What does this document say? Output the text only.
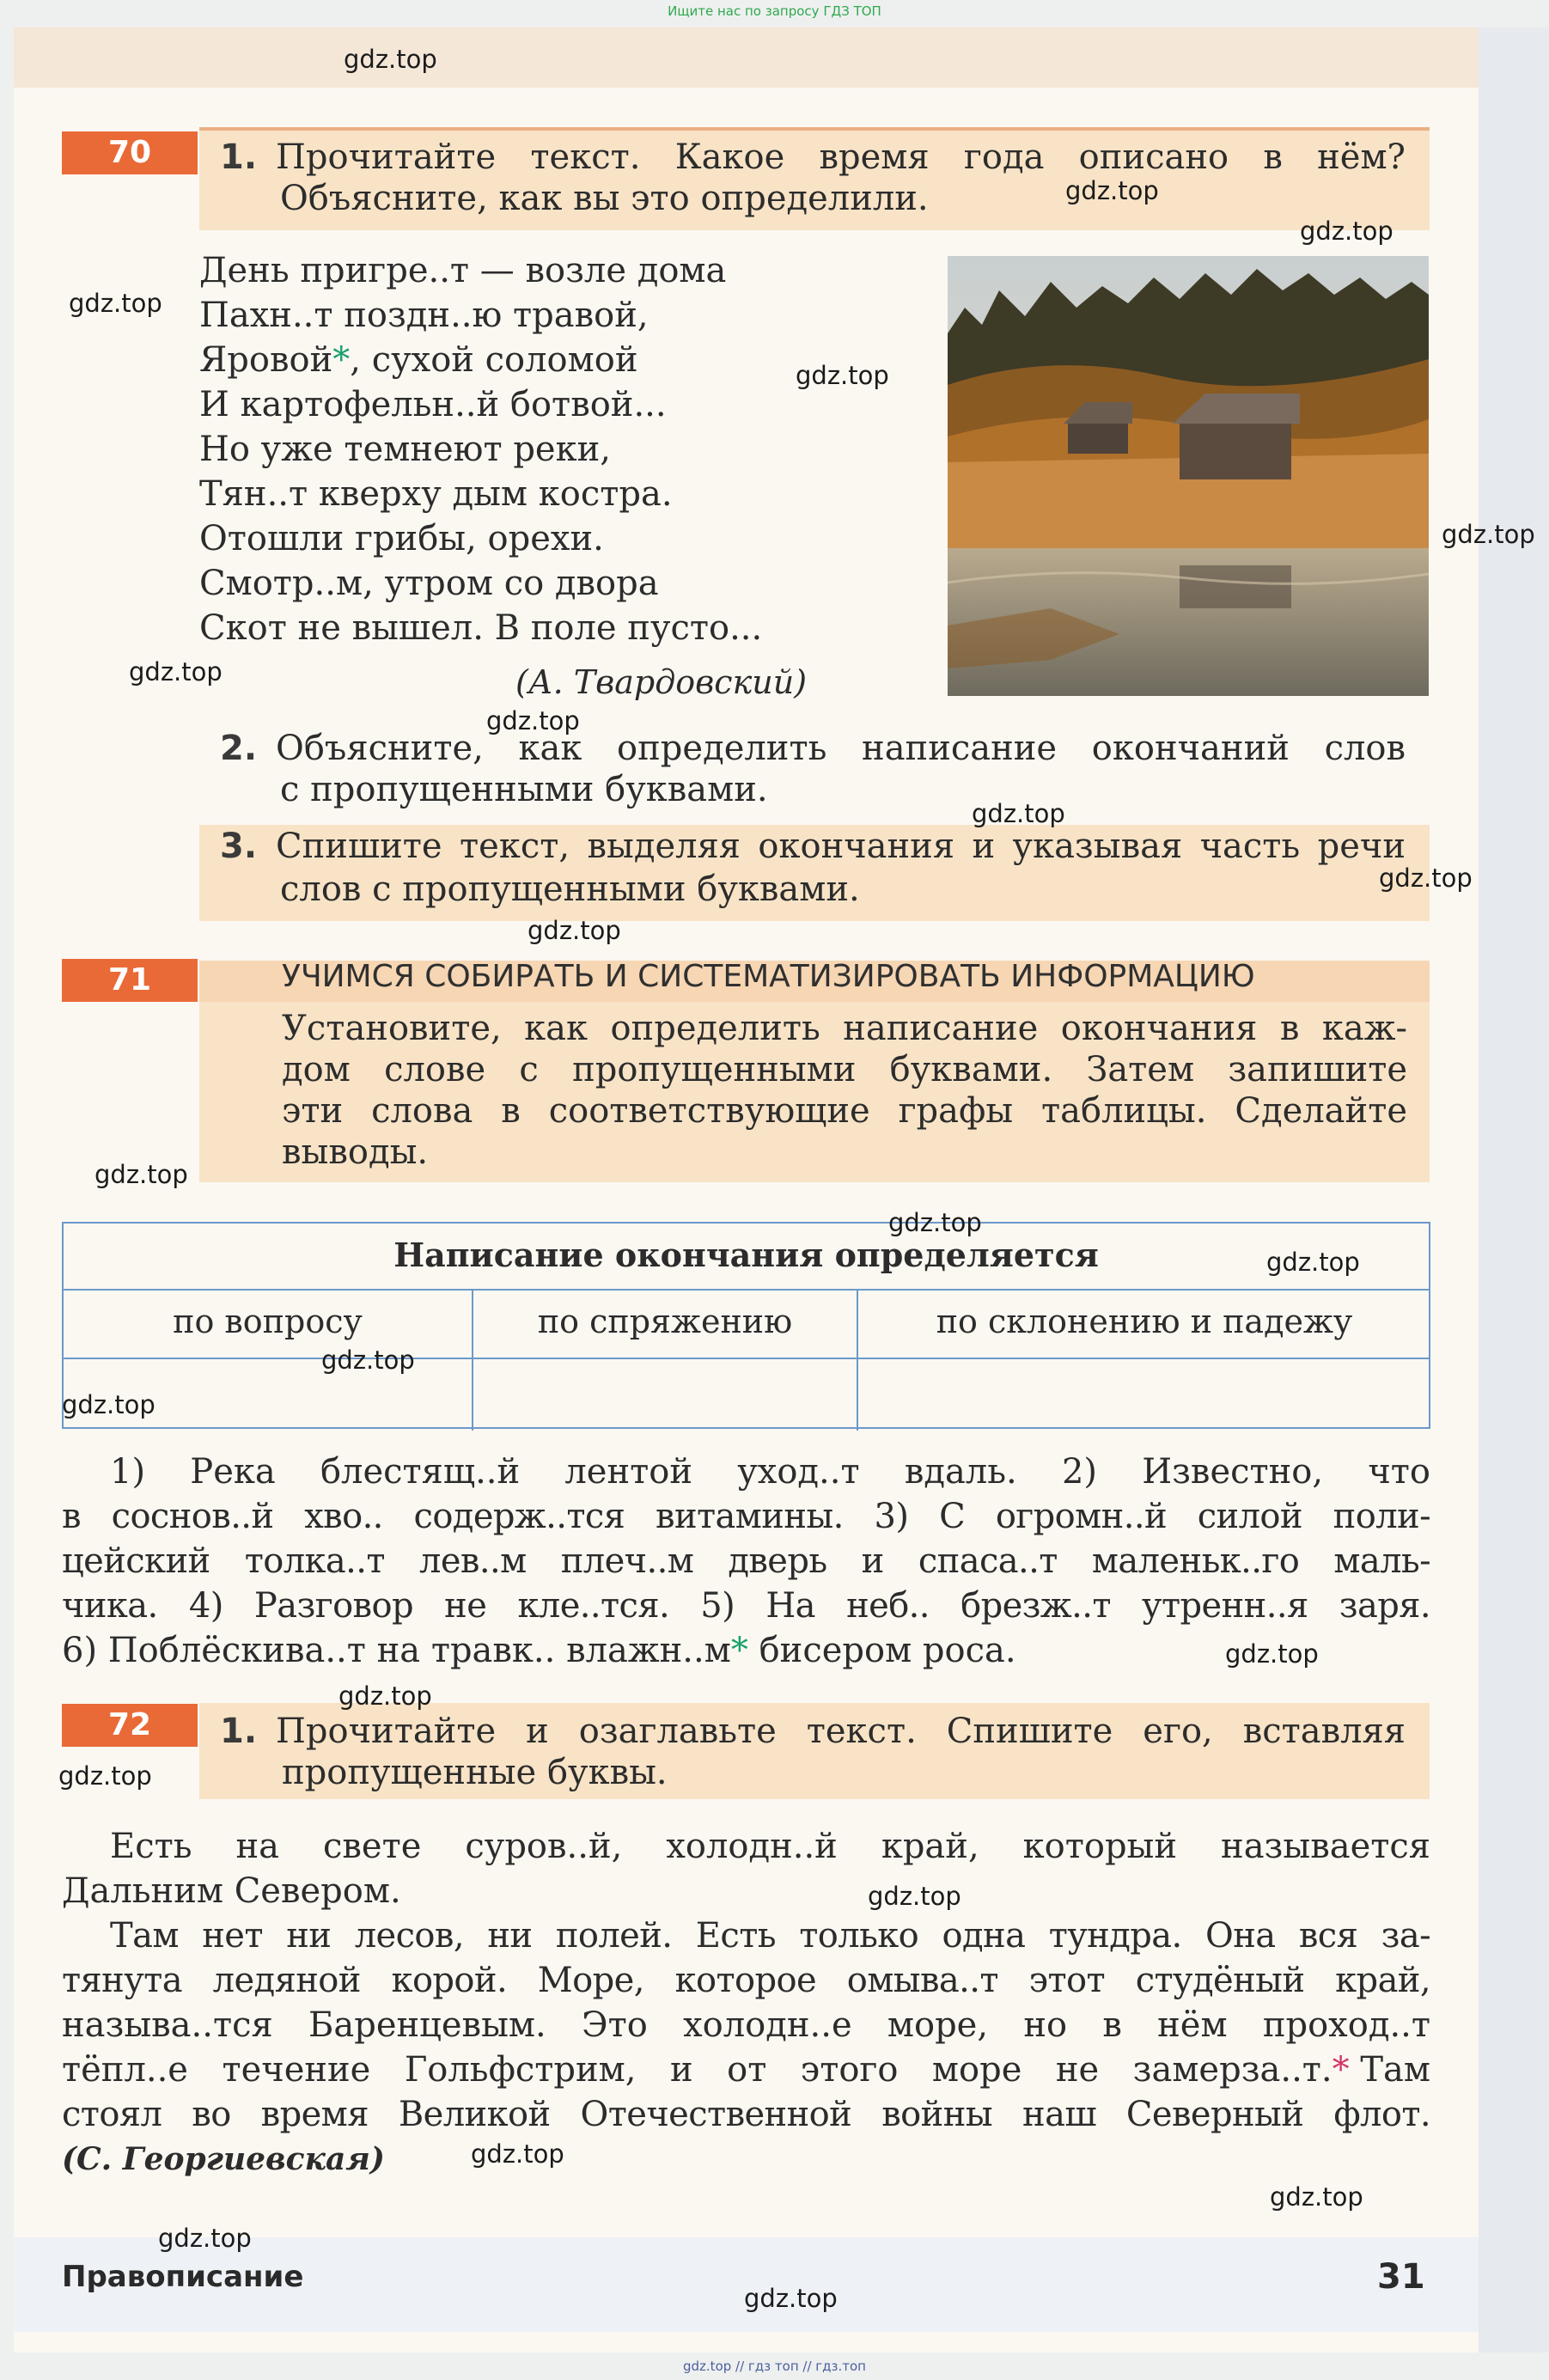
Ищите нас по запросу ГДЗ ТОП
70	1. Прочитайте текст. Какое время года описано в нём?
Объясните, как вы это определили.
День пригре..т — возле дома
Пахн..т поздн..ю травой,
Яровой*, сухой соломой
И картофельн..й ботвой...
Но уже темнеют реки,
Тян..т кверху дым костра.
Отошли грибы, орехи.
Смотр..м, утром со двора
Скот не вышел. В поле пусто...
(А. Твардовский)
2. Объясните, как определить написание окончаний слов
с пропущенными буквами.
3. Спишите текст, выделяя окончания и указывая часть речи
слов с пропущенными буквами.
71	УЧИМСЯ СОБИРАТЬ И СИСТЕМАТИЗИРОВАТЬ ИНФОРМАЦИЮ
Установите, как определить написание окончания в каж-
дом слове с пропущенными буквами. Затем запишите
эти слова в соответствующие графы таблицы. Сделайте
выводы.
Написание окончания определяется
по вопросу	по спряжению	по склонению и падежу
1) Река блестящ..й лентой уход..т вдаль. 2) Известно, что
в соснов..й хво.. содерж..тся витамины. 3) С огромн..й силой поли-
цейский толка..т лев..м плеч..м дверь и спаса..т маленьк..го маль-
чика. 4) Разговор не кле..тся. 5) На неб.. брезж..т утренн..я заря.
6) Поблёскива..т на травк.. влажн..м* бисером роса.
72	1. Прочитайте и озаглавьте текст. Спишите его, вставляя
пропущенные буквы.
Есть на свете суров..й, холодн..й край, который называется
Дальним Севером.
Там нет ни лесов, ни полей. Есть только одна тундра. Она вся за-
тянута ледяной корой. Море, которое омыва..т этот студёный край,
называ..тся Баренцевым. Это холодн..е море, но в нём проход..т
тёпл..е течение Гольфстрим, и от этого море не замерза..т. * Там
стоял во время Великой Отечественной войны наш Северный флот.
(С. Георгиевская)
Правописание	31
gdz.top
gdz.top
gdz.top
gdz.top
gdz.top
gdz.top
gdz.top
gdz.top
gdz.top
gdz.top
gdz.top
gdz.top
gdz.top
gdz.top
gdz.top
gdz.top
gdz.top
gdz.top
gdz.top
gdz.top
gdz.top
gdz.top
gdz.top
gdz.top
gdz.top // гдз топ // гдз.топ
